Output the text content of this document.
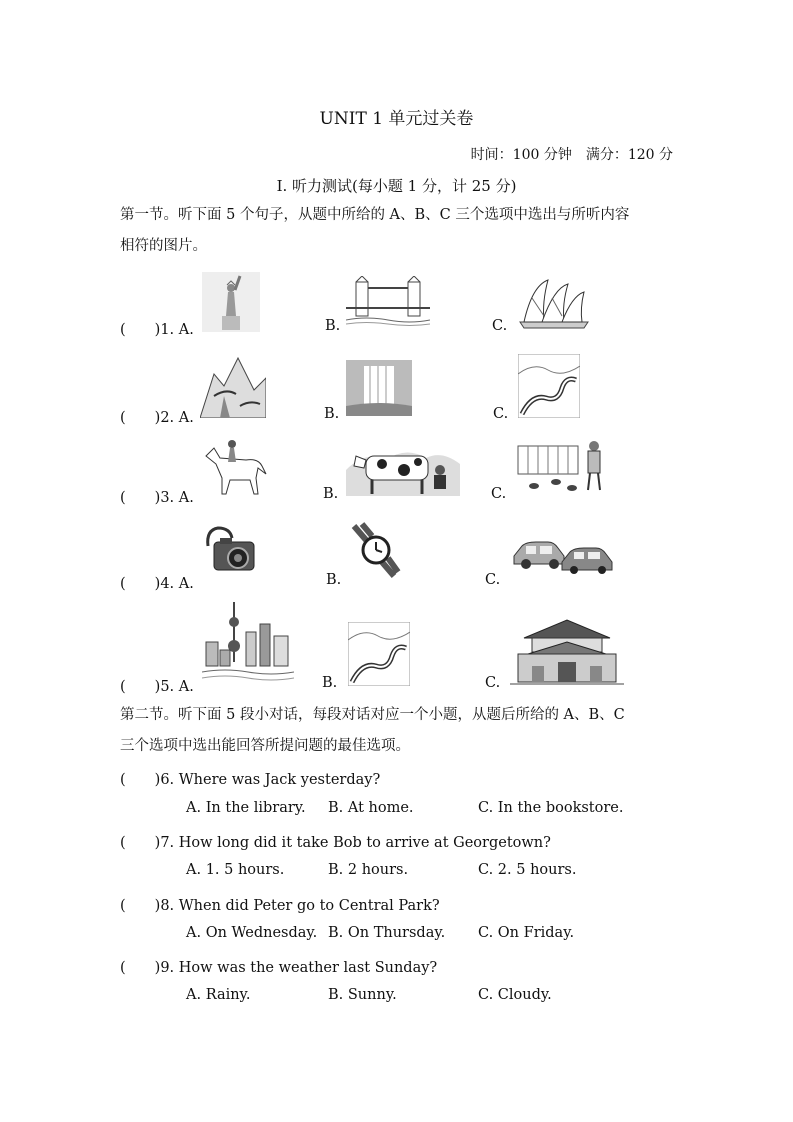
UNIT 1 单元过关卷
时间：100 分钟　满分：120 分
Ⅰ. 听力测试(每小题 1 分，计 25 分)
第一节。听下面 5 个句子，从题中所给的 A、B、C 三个选项中选出与所听内容
相符的图片。
(　　)1. A.	B.	C.
(　　)2. A.	B.	C.
(　　)3. A.	B.	C.
(　　)4. A.	B.	C.
(　　)5. A.	B.	C.
第二节。听下面 5 段小对话，每段对话对应一个小题，从题后所给的 A、B、C
三个选项中选出能回答所提问题的最佳选项。
(　　)6. Where was Jack yesterday?
A. In the library. B. At home.	C. In the bookstore.
(　　)7. How long did it take Bob to arrive at Georgetown?
A. 1. 5 hours.	B. 2 hours.	C. 2. 5 hours.
(　　)8. When did Peter go to Central Park?
A. On Wednesday. B. On Thursday. C. On Friday.
(　　)9. How was the weather last Sunday?
A. Rainy.	B. Sunny.	C. Cloudy.
